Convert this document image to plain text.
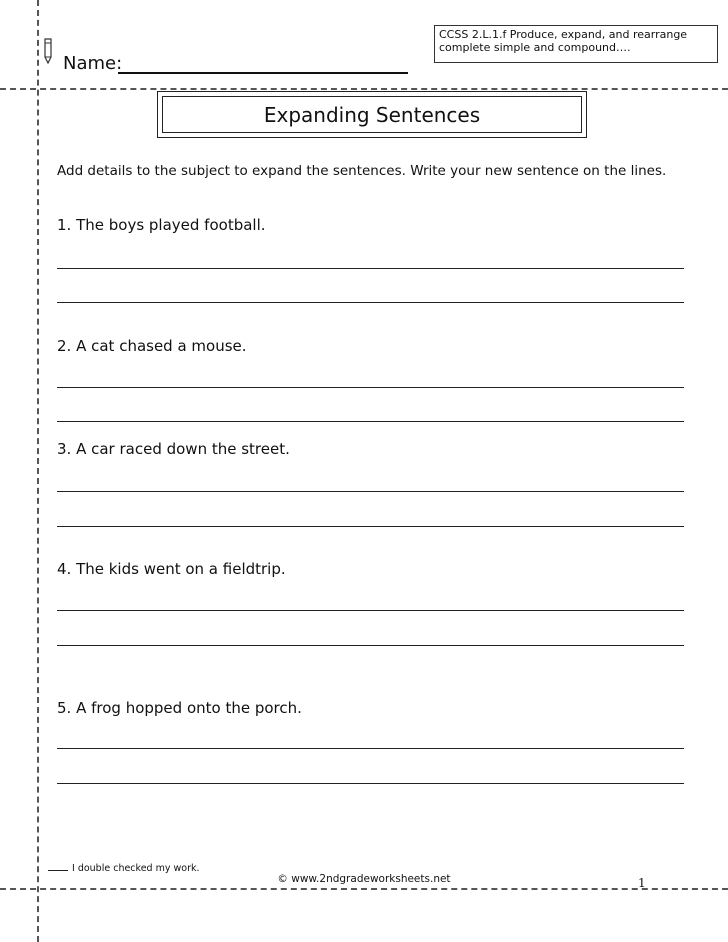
Name:
CCSS 2.L.1.f Produce, expand, and rearrange complete simple and compound….
Expanding Sentences
Add details to the subject to expand the sentences. Write your new sentence on the lines.
1. The boys played football.
2. A cat chased a mouse.
3. A car raced down the street.
4. The kids went on a fieldtrip.
5. A frog hopped onto the porch.
I double checked my work.
© www.2ndgradeworksheets.net	1
